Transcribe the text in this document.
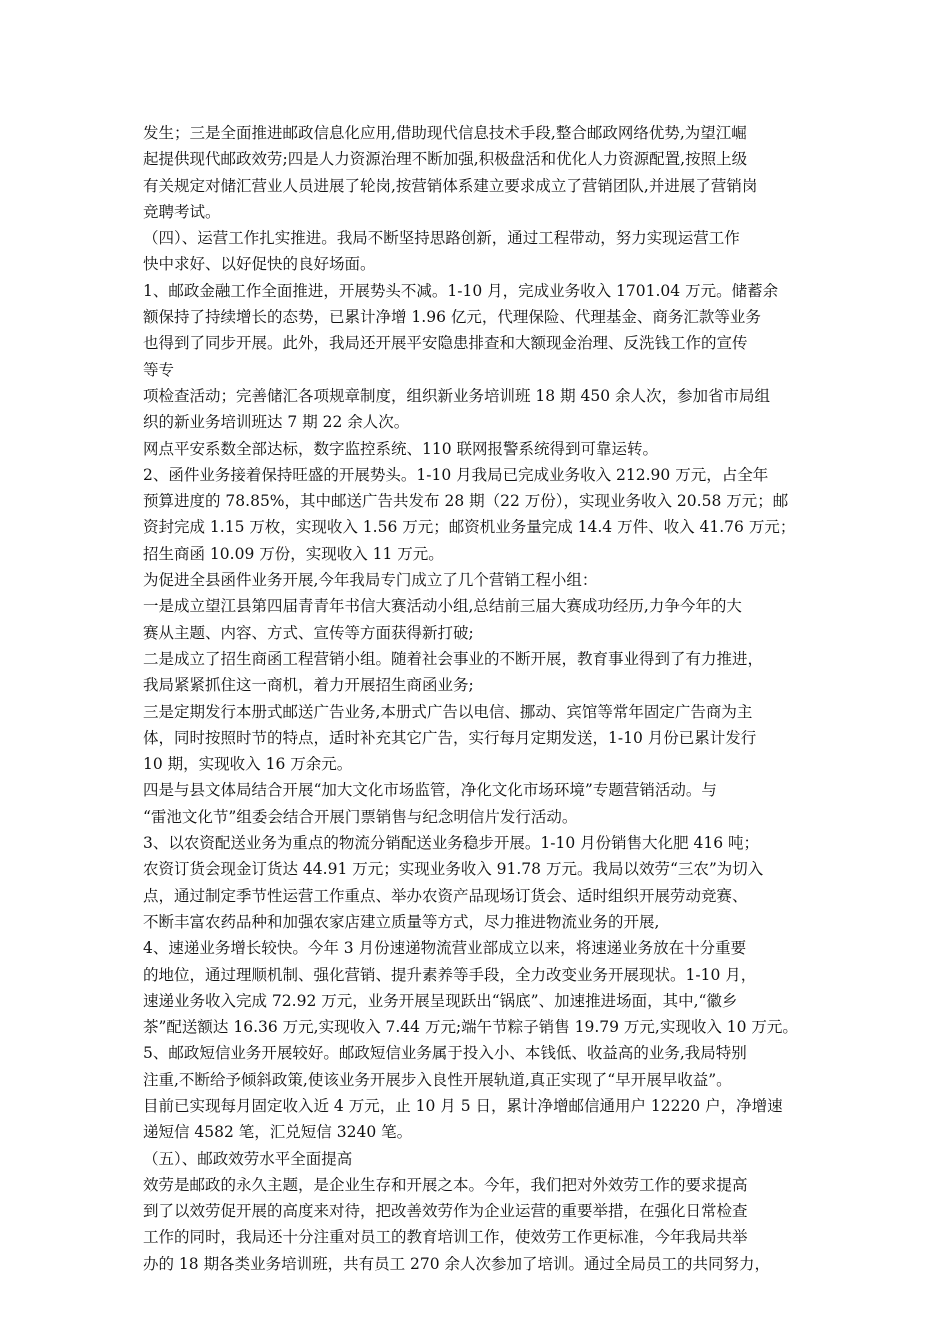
发生；三是全面推进邮政信息化应用,借助现代信息技术手段,整合邮政网络优势,为望江崛
起提供现代邮政效劳;四是人力资源治理不断加强,积极盘活和优化人力资源配置,按照上级
有关规定对储汇营业人员进展了轮岗,按营销体系建立要求成立了营销团队,并进展了营销岗
竞聘考试。
（四）、运营工作扎实推进。我局不断坚持思路创新，通过工程带动，努力实现运营工作
快中求好、以好促快的良好场面。
1、邮政金融工作全面推进，开展势头不减。1-10 月，完成业务收入 1701.04 万元。储蓄余
额保持了持续增长的态势，已累计净增 1.96 亿元，代理保险、代理基金、商务汇款等业务
也得到了同步开展。此外，我局还开展平安隐患排查和大额现金治理、反洗钱工作的宣传
等专
项检查活动；完善储汇各项规章制度，组织新业务培训班 18 期 450 余人次，参加省市局组
织的新业务培训班达 7 期 22 余人次。
网点平安系数全部达标，数字监控系统、110 联网报警系统得到可靠运转。
2、函件业务接着保持旺盛的开展势头。1-10 月我局已完成业务收入 212.90 万元，占全年
预算进度的 78.85%，其中邮送广告共发布 28 期（22 万份），实现业务收入 20.58 万元；邮
资封完成 1.15 万枚，实现收入 1.56 万元；邮资机业务量完成 14.4 万件、收入 41.76 万元；
招生商函 10.09 万份，实现收入 11 万元。
为促进全县函件业务开展,今年我局专门成立了几个营销工程小组：
一是成立望江县第四届青青年书信大赛活动小组,总结前三届大赛成功经历,力争今年的大
赛从主题、内容、方式、宣传等方面获得新打破;
二是成立了招生商函工程营销小组。随着社会事业的不断开展，教育事业得到了有力推进，
我局紧紧抓住这一商机，着力开展招生商函业务;
三是定期发行本册式邮送广告业务,本册式广告以电信、挪动、宾馆等常年固定广告商为主
体，同时按照时节的特点，适时补充其它广告，实行每月定期发送，1-10 月份已累计发行
10 期，实现收入 16 万余元。
四是与县文体局结合开展“加大文化市场监管，净化文化市场环境”专题营销活动。与
“雷池文化节”组委会结合开展门票销售与纪念明信片发行活动。
3、以农资配送业务为重点的物流分销配送业务稳步开展。1-10 月份销售大化肥 416 吨；
农资订货会现金订货达 44.91 万元；实现业务收入 91.78 万元。我局以效劳“三农”为切入
点，通过制定季节性运营工作重点、举办农资产品现场订货会、适时组织开展劳动竞赛、
不断丰富农药品种和加强农家店建立质量等方式，尽力推进物流业务的开展,
4、速递业务增长较快。今年 3 月份速递物流营业部成立以来，将速递业务放在十分重要
的地位，通过理顺机制、强化营销、提升素养等手段，全力改变业务开展现状。1-10 月，
速递业务收入完成 72.92 万元，业务开展呈现跃出“锅底”、加速推进场面，其中,“徽乡
茶”配送额达 16.36 万元,实现收入 7.44 万元;端午节粽子销售 19.79 万元,实现收入 10 万元。
5、邮政短信业务开展较好。邮政短信业务属于投入小、本钱低、收益高的业务,我局特别
注重,不断给予倾斜政策,使该业务开展步入良性开展轨道,真正实现了“早开展早收益”。
目前已实现每月固定收入近 4 万元，止 10 月 5 日，累计净增邮信通用户 12220 户，净增速
递短信 4582 笔，汇兑短信 3240 笔。
（五）、邮政效劳水平全面提高
效劳是邮政的永久主题，是企业生存和开展之本。今年，我们把对外效劳工作的要求提高
到了以效劳促开展的高度来对待，把改善效劳作为企业运营的重要举措，在强化日常检查
工作的同时，我局还十分注重对员工的教育培训工作，使效劳工作更标准，今年我局共举
办的 18 期各类业务培训班，共有员工 270 余人次参加了培训。通过全局员工的共同努力，
